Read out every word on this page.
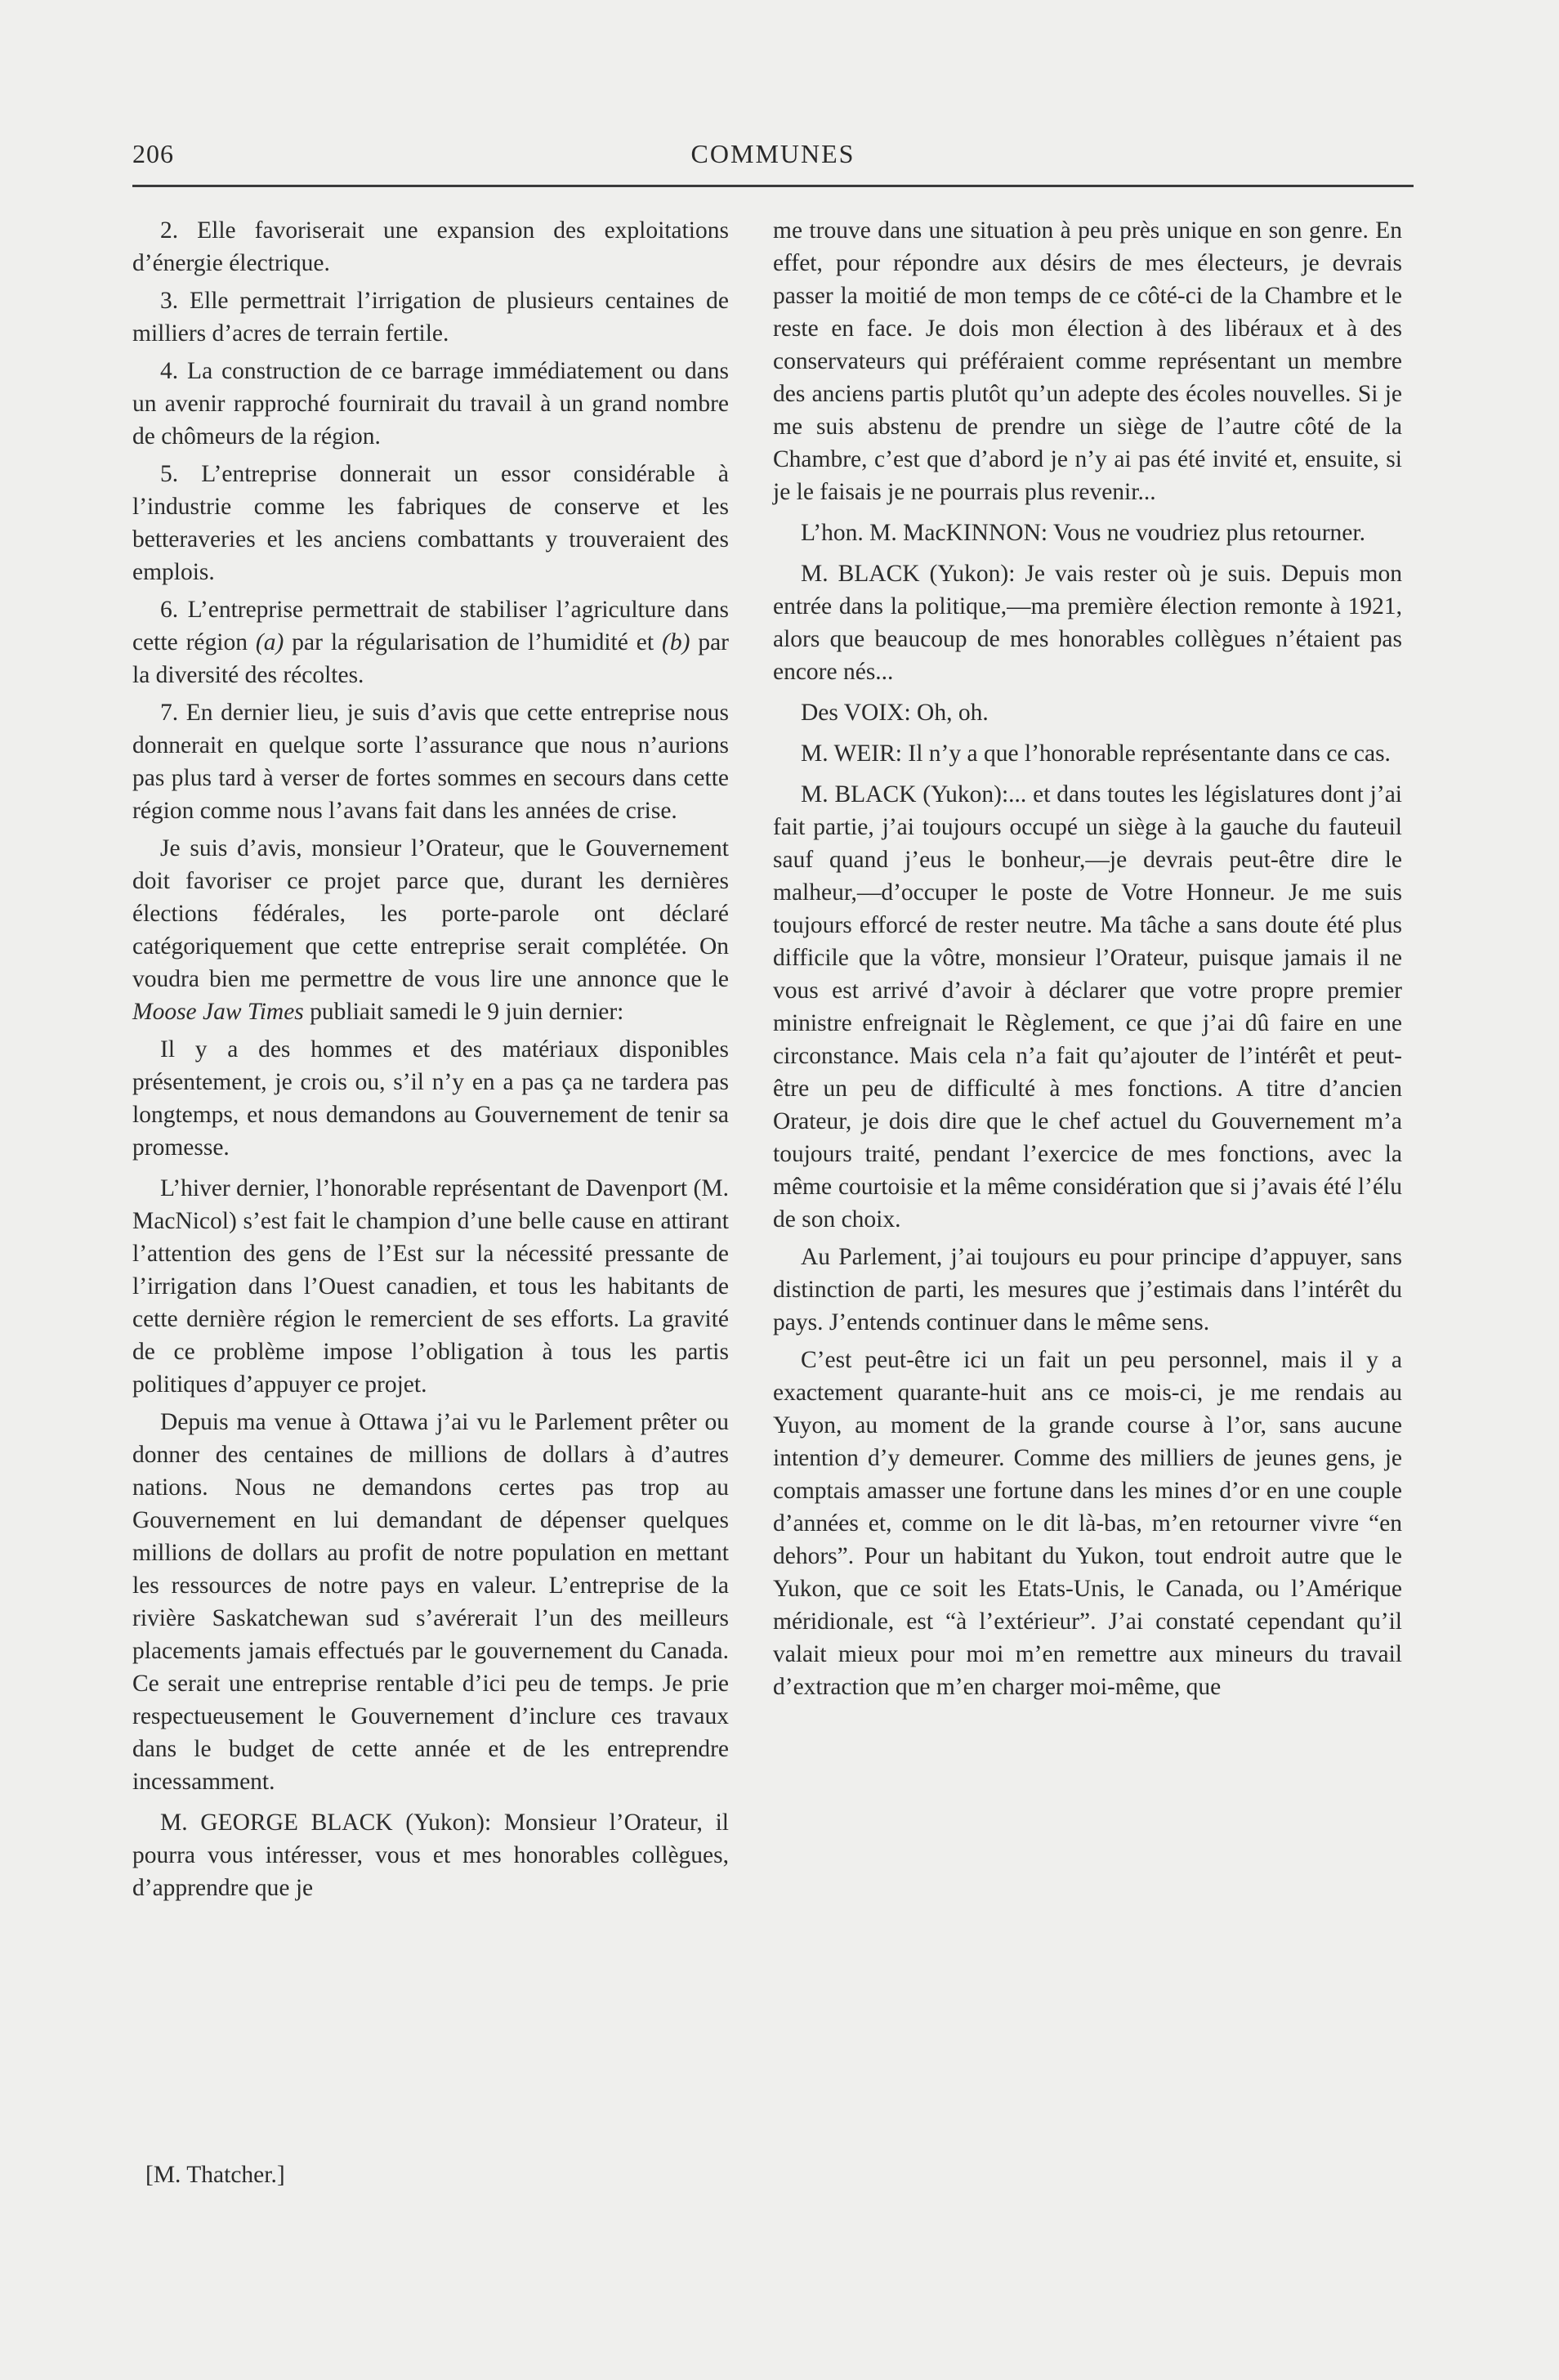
206	COMMUNES

2. Elle favoriserait une expansion des exploitations d’énergie électrique.

3. Elle permettrait l’irrigation de plusieurs centaines de milliers d’acres de terrain fertile.

4. La construction de ce barrage immédiatement ou dans un avenir rapproché fournirait du travail à un grand nombre de chômeurs de la région.

5. L’entreprise donnerait un essor considérable à l’industrie comme les fabriques de conserve et les betteraveries et les anciens combattants y trouveraient des emplois.

6. L’entreprise permettrait de stabiliser l’agriculture dans cette région (a) par la régularisation de l’humidité et (b) par la diversité des récoltes.

7. En dernier lieu, je suis d’avis que cette entreprise nous donnerait en quelque sorte l’assurance que nous n’aurions pas plus tard à verser de fortes sommes en secours dans cette région comme nous l’avans fait dans les années de crise.

Je suis d’avis, monsieur l’Orateur, que le Gouvernement doit favoriser ce projet parce que, durant les dernières élections fédérales, les porte-parole ont déclaré catégoriquement que cette entreprise serait complétée. On voudra bien me permettre de vous lire une annonce que le Moose Jaw Times publiait samedi le 9 juin dernier:

Il y a des hommes et des matériaux disponibles présentement, je crois ou, s’il n’y en a pas ça ne tardera pas longtemps, et nous demandons au Gouvernement de tenir sa promesse.

L’hiver dernier, l’honorable représentant de Davenport (M. MacNicol) s’est fait le champion d’une belle cause en attirant l’attention des gens de l’Est sur la nécessité pressante de l’irrigation dans l’Ouest canadien, et tous les habitants de cette dernière région le remercient de ses efforts. La gravité de ce problème impose l’obligation à tous les partis politiques d’appuyer ce projet.

Depuis ma venue à Ottawa j’ai vu le Parlement prêter ou donner des centaines de millions de dollars à d’autres nations. Nous ne demandons certes pas trop au Gouvernement en lui demandant de dépenser quelques millions de dollars au profit de notre population en mettant les ressources de notre pays en valeur. L’entreprise de la rivière Saskatchewan sud s’avérerait l’un des meilleurs placements jamais effectués par le gouvernement du Canada. Ce serait une entreprise rentable d’ici peu de temps. Je prie respectueusement le Gouvernement d’inclure ces travaux dans le budget de cette année et de les entreprendre incessamment.

M. GEORGE BLACK (Yukon): Monsieur l’Orateur, il pourra vous intéresser, vous et mes honorables collègues, d’apprendre que je

[M. Thatcher.]

me trouve dans une situation à peu près unique en son genre. En effet, pour répondre aux désirs de mes électeurs, je devrais passer la moitié de mon temps de ce côté-ci de la Chambre et le reste en face. Je dois mon élection à des libéraux et à des conservateurs qui préféraient comme représentant un membre des anciens partis plutôt qu’un adepte des écoles nouvelles. Si je me suis abstenu de prendre un siège de l’autre côté de la Chambre, c’est que d’abord je n’y ai pas été invité et, ensuite, si je le faisais je ne pourrais plus revenir...

L’hon. M. MacKINNON: Vous ne voudriez plus retourner.

M. BLACK (Yukon): Je vais rester où je suis. Depuis mon entrée dans la politique,—ma première élection remonte à 1921, alors que beaucoup de mes honorables collègues n’étaient pas encore nés...

Des VOIX: Oh, oh.

M. WEIR: Il n’y a que l’honorable représentante dans ce cas.

M. BLACK (Yukon):... et dans toutes les législatures dont j’ai fait partie, j’ai toujours occupé un siège à la gauche du fauteuil sauf quand j’eus le bonheur,—je devrais peut-être dire le malheur,—d’occuper le poste de Votre Honneur. Je me suis toujours efforcé de rester neutre. Ma tâche a sans doute été plus difficile que la vôtre, monsieur l’Orateur, puisque jamais il ne vous est arrivé d’avoir à déclarer que votre propre premier ministre enfreignait le Règlement, ce que j’ai dû faire en une circonstance. Mais cela n’a fait qu’ajouter de l’intérêt et peut-être un peu de difficulté à mes fonctions. A titre d’ancien Orateur, je dois dire que le chef actuel du Gouvernement m’a toujours traité, pendant l’exercice de mes fonctions, avec la même courtoisie et la même considération que si j’avais été l’élu de son choix.

Au Parlement, j’ai toujours eu pour principe d’appuyer, sans distinction de parti, les mesures que j’estimais dans l’intérêt du pays. J’entends continuer dans le même sens.

C’est peut-être ici un fait un peu personnel, mais il y a exactement quarante-huit ans ce mois-ci, je me rendais au Yuyon, au moment de la grande course à l’or, sans aucune intention d’y demeurer. Comme des milliers de jeunes gens, je comptais amasser une fortune dans les mines d’or en une couple d’années et, comme on le dit là-bas, m’en retourner vivre “en dehors”. Pour un habitant du Yukon, tout endroit autre que le Yukon, que ce soit les Etats-Unis, le Canada, ou l’Amérique méridionale, est “à l’extérieur”. J’ai constaté cependant qu’il valait mieux pour moi m’en remettre aux mineurs du travail d’extraction que m’en charger moi-même, que
